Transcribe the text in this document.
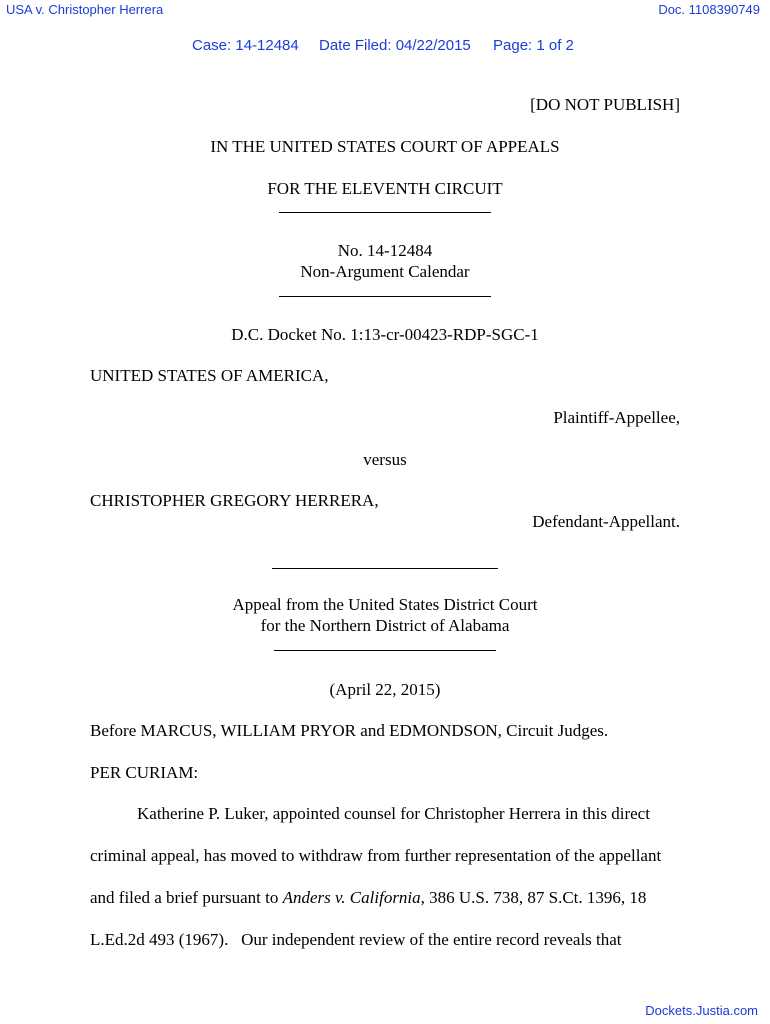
USA v. Christopher Herrera	Doc. 1108390749
Case: 14-12484 Date Filed: 04/22/2015 Page: 1 of 2
[DO NOT PUBLISH]
IN THE UNITED STATES COURT OF APPEALS
FOR THE ELEVENTH CIRCUIT
No. 14-12484
Non-Argument Calendar
D.C. Docket No. 1:13-cr-00423-RDP-SGC-1
UNITED STATES OF AMERICA,
Plaintiff-Appellee,
versus
CHRISTOPHER GREGORY HERRERA,
Defendant-Appellant.
Appeal from the United States District Court
for the Northern District of Alabama
(April 22, 2015)
Before MARCUS, WILLIAM PRYOR and EDMONDSON, Circuit Judges.
PER CURIAM:
Katherine P. Luker, appointed counsel for Christopher Herrera in this direct
criminal appeal, has moved to withdraw from further representation of the appellant
and filed a brief pursuant to Anders v. California, 386 U.S. 738, 87 S.Ct. 1396, 18
L.Ed.2d 493 (1967).   Our independent review of the entire record reveals that
Dockets.Justia.com
